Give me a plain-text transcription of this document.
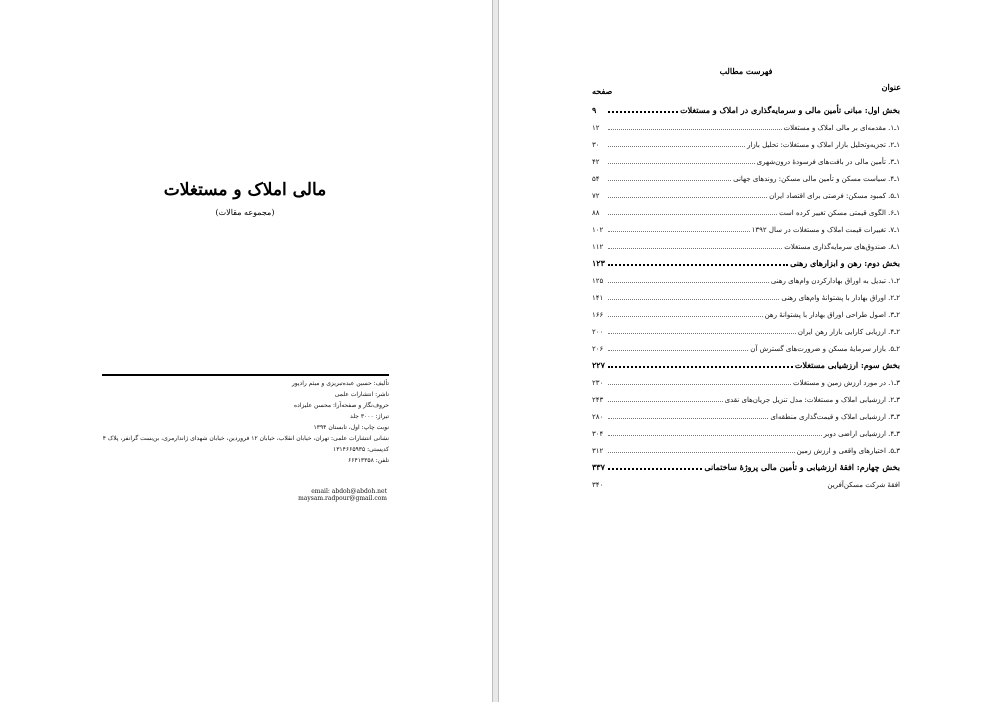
مالی املاک و مستغلات
(مجموعه مقالات)
تألیف: حسین عبده‌تبریزی و میثم رادپور
ناشر: انتشارات علمی
حروف‌نگار و صفحه‌آرا: محسن علیزاده
تیراژ: ۳۰۰۰ جلد
نوبت چاپ: اول، تابستان ۱۳۹۴
نشانی انتشارات علمی: تهران، خیابان انقلاب، خیابان ۱۲ فروردین، خیابان شهدای ژاندارمری، بن‌بست گرانفر، پلاک ۴
کدپستی: ۱۳۱۴۶۶۵۹۳۵
تلفن: ۶۶۴۱۳۳۵۸
email: abdoh@abdoh.net
maysam.radpour@gmail.com
فهرست مطالب
عنوان
صفحه
بخش اول: مبانی تأمین مالی و سرمایه‌گذاری در املاک و مستغلات
۹
۱ـ۱. مقدمه‌ای بر مالی املاک و مستغلات
۱۲
۱ـ۲. تجزیه‌وتحلیل بازار املاک و مستغلات: تحلیل بازار
۳۰
۱ـ۳. تأمین مالی در بافت‌های فرسودهٔ درون‌شهری
۴۲
۱ـ۴. سیاست مسکن و تأمین مالی مسکن: روندهای جهانی
۵۴
۱ـ۵. کمبود مسکن: فرصتی برای اقتصاد ایران
۷۲
۱ـ۶. الگوی قیمتی مسکن تغییر کرده است
۸۸
۱ـ۷. تغییرات قیمت املاک و مستغلات در سال ۱۳۹۲
۱۰۲
۱ـ۸. صندوق‌های سرمایه‌گذاری مستغلات
۱۱۲
بخش دوم: رهن و ابزارهای رهنی
۱۲۳
۲ـ۱. تبدیل به اوراق بهادارکردن وام‌های رهنی
۱۲۵
۲ـ۲. اوراق بهادار با پشتوانهٔ وام‌های رهنی
۱۴۱
۲ـ۳. اصول طراحی اوراق بهادار با پشتوانهٔ رهن
۱۶۶
۲ـ۴. ارزیابی کارایی بازار رهن ایران
۲۰۰
۲ـ۵. بازار سرمایهٔ مسکن و ضرورت‌های گسترش آن
۲۰۶
بخش سوم: ارزشیابی مستغلات
۲۲۷
۳ـ۱. در مورد ارزش زمین و مستغلات
۲۳۰
۳ـ۲. ارزشیابی املاک و مستغلات: مدل تنزیل جریان‌های نقدی
۲۴۳
۳ـ۳. ارزشیابی املاک و قیمت‌گذاری منطقه‌ای
۲۸۰
۳ـ۴. ارزشیابی اراضی دوبر
۳۰۴
۳ـ۵. اختیارهای واقعی و ارزش زمین
۳۱۲
بخش چهارم: افقهٔ ارزشیابی و تأمین مالی پروژهٔ ساختمانی
۳۳۷
افقهٔ شرکت مسکن‌آفرین
۳۴۰
